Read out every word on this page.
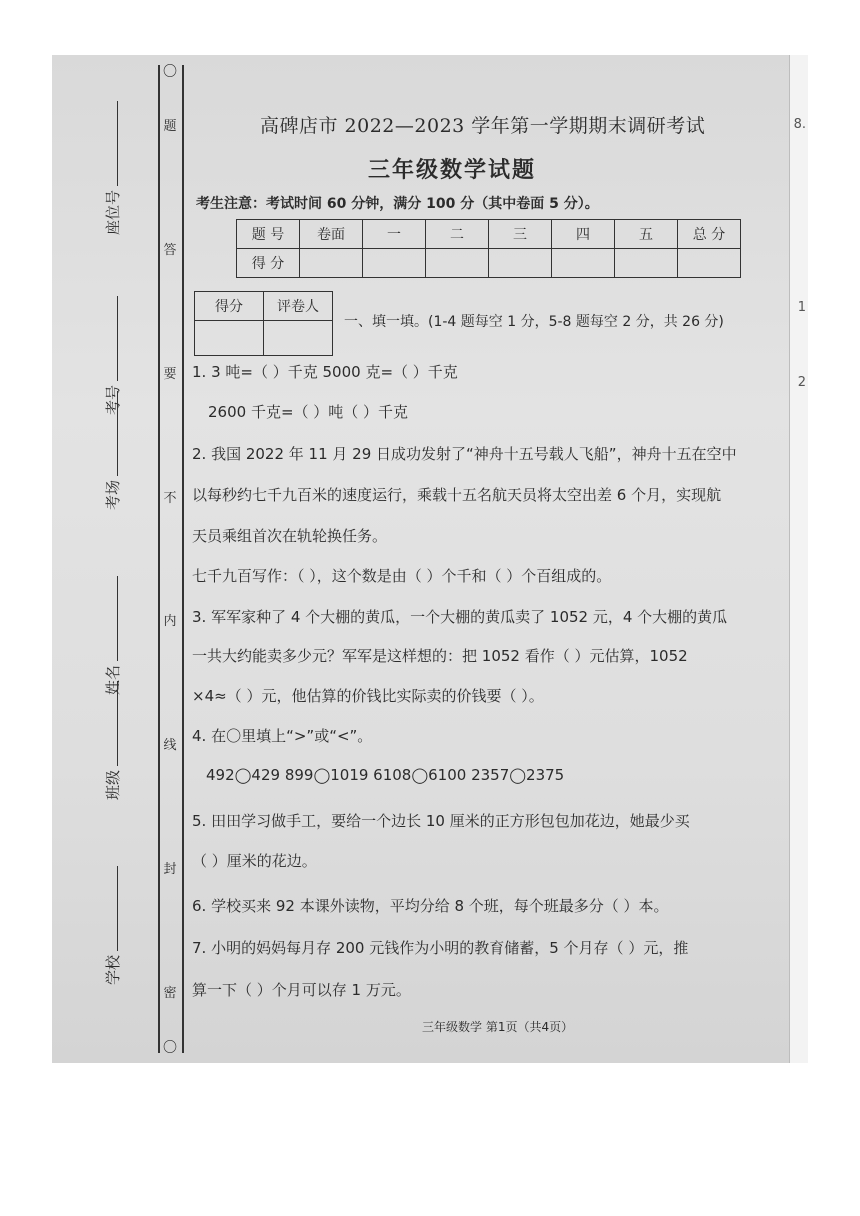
8.
1
2
〇
题
答
要
不
内
线
封
密
〇
座位号
考号
考场
姓名
班级
学校
高碑店市 2022—2023 学年第一学期期末调研考试
三年级数学试题
考生注意：考试时间 60 分钟，满分 100 分（其中卷面 5 分）。
题 号	卷面	一	二	三	四	五	总 分
得 分							
得分	评卷人

一、填一填。(1-4 题每空 1 分，5-8 题每空 2 分，共 26 分)
1. 3 吨=（ ）千克 5000 克=（ ）千克
2600 千克=（ ）吨（ ）千克
2. 我国 2022 年 11 月 29 日成功发射了“神舟十五号载人飞船”，神舟十五在空中
以每秒约七千九百米的速度运行，乘载十五名航天员将太空出差 6 个月，实现航
天员乘组首次在轨轮换任务。
七千九百写作：（ ），这个数是由（ ）个千和（ ）个百组成的。
3. 军军家种了 4 个大棚的黄瓜，一个大棚的黄瓜卖了 1052 元，4 个大棚的黄瓜
一共大约能卖多少元？军军是这样想的：把 1052 看作（ ）元估算，1052
×4≈（ ）元，他估算的价钱比实际卖的价钱要（ ）。
4. 在〇里填上“>”或“<”。
492◯429 899◯1019 6108◯6100 2357◯2375
5. 田田学习做手工，要给一个边长 10 厘米的正方形包包加花边，她最少买
（ ）厘米的花边。
6. 学校买来 92 本课外读物，平均分给 8 个班，每个班最多分（ ）本。
7. 小明的妈妈每月存 200 元钱作为小明的教育储蓄，5 个月存（ ）元，推
算一下（ ）个月可以存 1 万元。
三年级数学 第1页（共4页）
